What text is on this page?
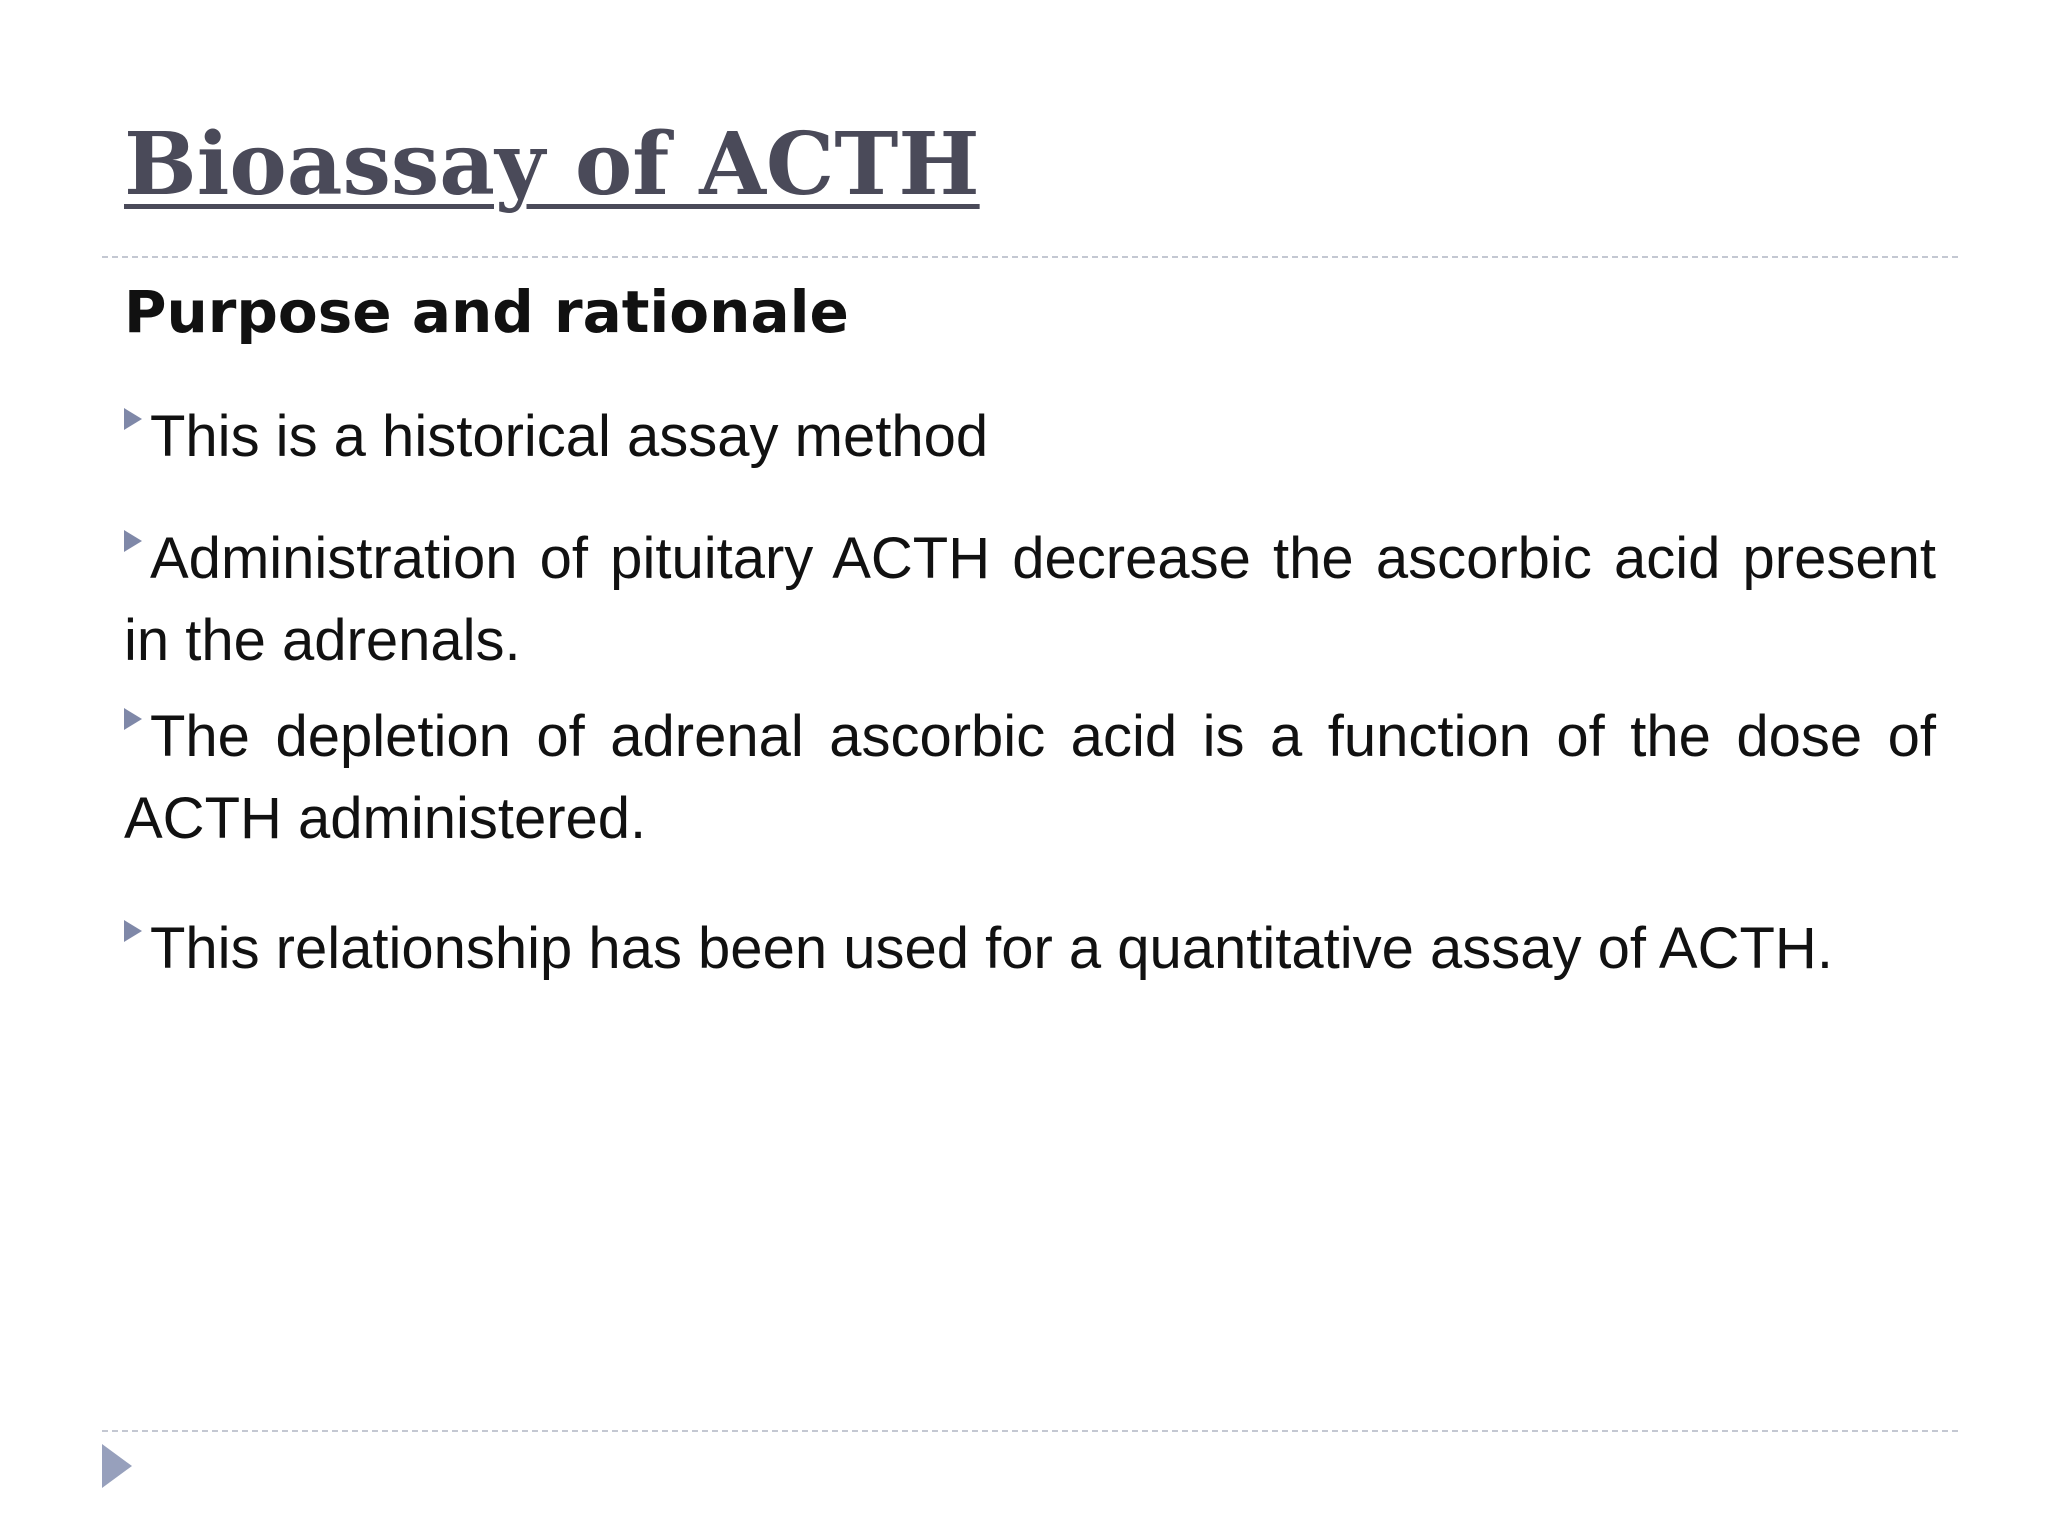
Bioassay of ACTH

Purpose and rationale

This is a historical assay method

Administration of pituitary ACTH decrease the ascorbic acid present in the adrenals.

The depletion of adrenal ascorbic acid is a function of the dose of ACTH administered.

This relationship has been used for a quantitative assay of ACTH.
